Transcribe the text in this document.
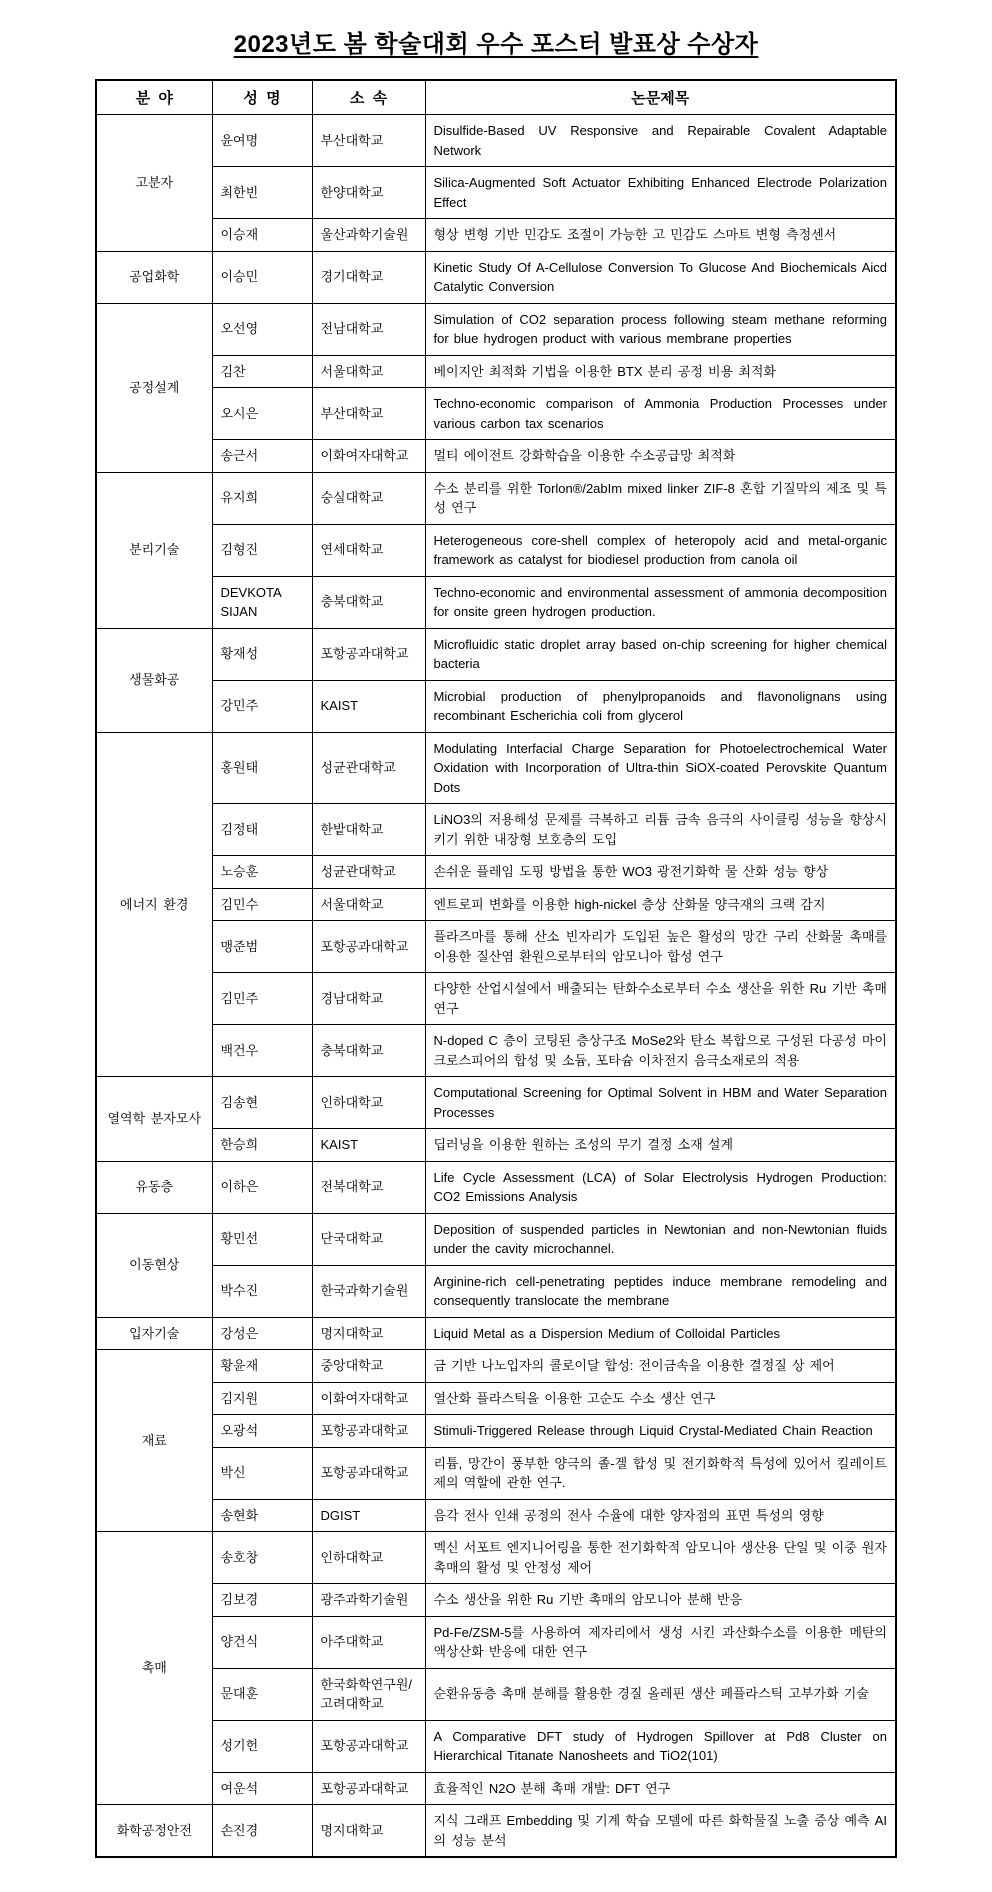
2023년도 봄 학술대회 우수 포스터 발표상 수상자
분  야	성  명	소  속	논문제목
고분자	윤여명	부산대학교	Disulfide-Based UV Responsive and Repairable Covalent Adaptable Network
	최한빈	한양대학교	Silica-Augmented Soft Actuator Exhibiting Enhanced Electrode Polarization Effect
	이승재	울산과학기술원	형상 변형 기반 민감도 조절이 가능한 고 민감도 스마트 변형 측정센서
공업화학	이승민	경기대학교	Kinetic Study Of A-Cellulose Conversion To Glucose And Biochemicals Aicd Catalytic Conversion
공정설계	오선영	전남대학교	Simulation of CO2 separation process following steam methane reforming for blue hydrogen product with various membrane properties
	김찬	서울대학교	베이지안 최적화 기법을 이용한 BTX 분리 공정 비용 최적화
	오시은	부산대학교	Techno-economic comparison of Ammonia Production Processes under various carbon tax scenarios
	송근서	이화여자대학교	멀티 에이전트 강화학습을 이용한 수소공급망 최적화
분리기술	유지희	숭실대학교	수소 분리를 위한 Torlon®/2abIm mixed linker ZIF-8 혼합 기질막의 제조 및 특성 연구
	김형진	연세대학교	Heterogeneous core-shell complex of heteropoly acid and metal-organic framework as catalyst for biodiesel production from canola oil
	DEVKOTA SIJAN	충북대학교	Techno-economic and environmental assessment of ammonia decomposition for onsite green hydrogen production.
생물화공	황재성	포항공과대학교	Microfluidic static droplet array based on-chip screening for higher chemical bacteria
	강민주	KAIST	Microbial production of phenylpropanoids and flavonolignans using recombinant Escherichia coli from glycerol
에너지 환경	홍원태	성균관대학교	Modulating Interfacial Charge Separation for Photoelectrochemical Water Oxidation with Incorporation of Ultra-thin SiOX-coated Perovskite Quantum Dots
	김정태	한밭대학교	LiNO3의 저용해성 문제를 극복하고 리튬 금속 음극의 사이클링 성능을 향상시키기 위한 내장형 보호층의 도입
	노승훈	성균관대학교	손쉬운 플레임 도핑 방법을 통한 WO3 광전기화학 물 산화 성능 향상
	김민수	서울대학교	엔트로피 변화를 이용한 high-nickel 층상 산화물 양극재의 크랙 감지
	맹준범	포항공과대학교	플라즈마를 통해 산소 빈자리가 도입된 높은 활성의 망간 구리 산화물 촉매를 이용한 질산염 환원으로부터의 암모니아 합성 연구
	김민주	경남대학교	다양한 산업시설에서 배출되는 탄화수소로부터 수소 생산을 위한 Ru 기반 촉매 연구
	백건우	충북대학교	N-doped C 층이 코팅된 층상구조 MoSe2와 탄소 복합으로 구성된 다공성 마이크로스피어의 합성 및 소듐, 포타슘 이차전지 음극소재로의 적용
열역학 분자모사	김송현	인하대학교	Computational Screening for Optimal Solvent in HBM and Water Separation Processes
	한승희	KAIST	딥러닝을 이용한 원하는 조성의 무기 결정 소재 설계
유동층	이하은	전북대학교	Life Cycle Assessment (LCA) of Solar Electrolysis Hydrogen Production: CO2 Emissions Analysis
이동현상	황민선	단국대학교	Deposition of suspended particles in Newtonian and non-Newtonian fluids under the cavity microchannel.
	박수진	한국과학기술원	Arginine-rich cell-penetrating peptides induce membrane remodeling and consequently translocate the membrane
입자기술	강성은	명지대학교	Liquid Metal as a Dispersion Medium of Colloidal Particles
재료	황윤재	중앙대학교	금 기반 나노입자의 콜로이달 합성: 전이금속을 이용한 결정질 상 제어
	김지원	이화여자대학교	열산화 플라스틱을 이용한 고순도 수소 생산 연구
	오광석	포항공과대학교	Stimuli-Triggered Release through Liquid Crystal-Mediated Chain Reaction
	박신	포항공과대학교	리튬, 망간이 풍부한 양극의 졸-겔 합성 및 전기화학적 특성에 있어서 킬레이트제의 역할에 관한 연구.
	송현화	DGIST	음각 전사 인쇄 공정의 전사 수율에 대한 양자점의 표면 특성의 영향
촉매	송호창	인하대학교	멕신 서포트 엔지니어링을 통한 전기화학적 암모니아 생산용 단일 및 이중 원자 촉매의 활성 및 안정성 제어
	김보경	광주과학기술원	수소 생산을 위한 Ru 기반 촉매의 암모니아 분해 반응
	양건식	아주대학교	Pd-Fe/ZSM-5를 사용하여 제자리에서 생성 시킨 과산화수소를 이용한 메탄의 액상산화 반응에 대한 연구
	문대훈	한국화학연구원/고려대학교	순환유동층 촉매 분해를 활용한 경질 올레핀 생산 페플라스틱 고부가화 기술
	성기헌	포항공과대학교	A Comparative DFT study of Hydrogen Spillover at Pd8 Cluster on Hierarchical Titanate Nanosheets and TiO2(101)
	여운석	포항공과대학교	효율적인 N2O 분해 촉매 개발: DFT 연구
화학공정안전	손진경	명지대학교	지식 그래프 Embedding 및 기계 학습 모델에 따른 화학물질 노출 증상 예측 AI의 성능 분석
